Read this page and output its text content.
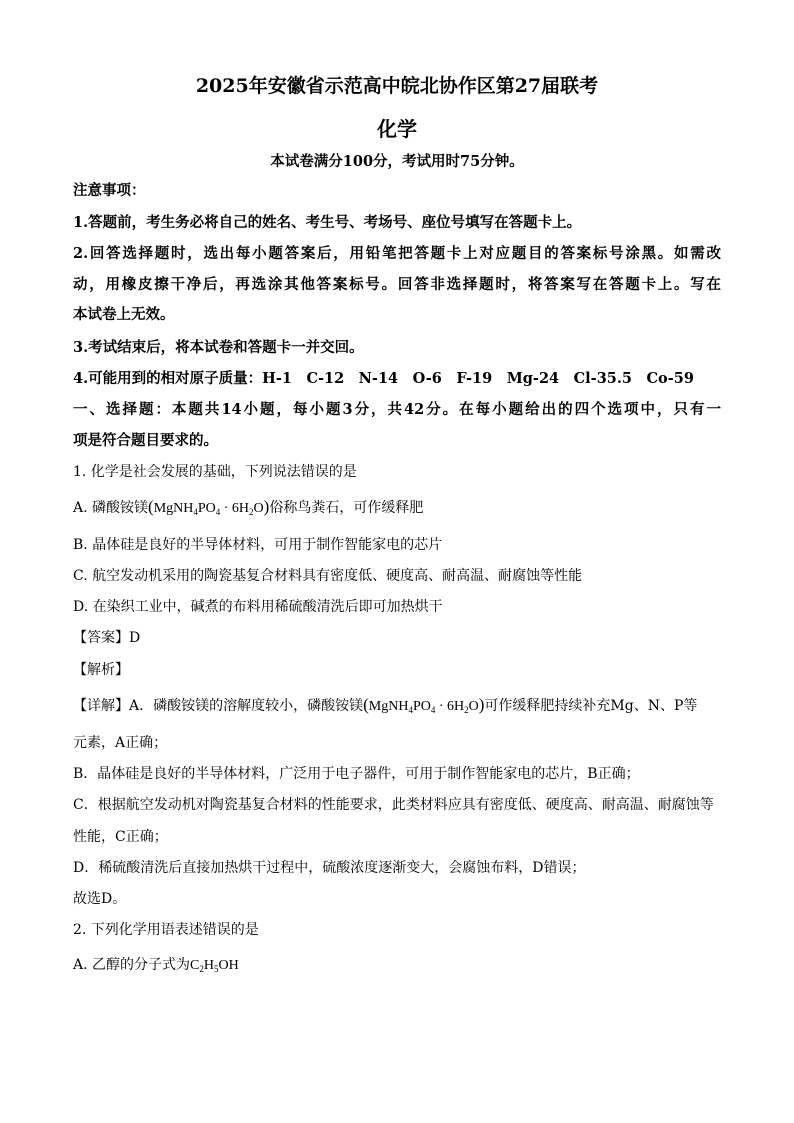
2025年安徽省示范高中皖北协作区第27届联考
化学
本试卷满分100分，考试用时75分钟。
注意事项：
1.答题前，考生务必将自己的姓名、考生号、考场号、座位号填写在答题卡上。
2.回答选择题时，选出每小题答案后，用铅笔把答题卡上对应题目的答案标号涂黑。如需改
动，用橡皮擦干净后，再选涂其他答案标号。回答非选择题时，将答案写在答题卡上。写在
本试卷上无效。
3.考试结束后，将本试卷和答题卡一并交回。
4.可能用到的相对原子质量：H-1　C-12　N-14　O-6　F-19　Mg-24　Cl-35.5　Co-59
一、选择题：本题共14小题，每小题3分，共42分。在每小题给出的四个选项中，只有一
项是符合题目要求的。
1. 化学是社会发展的基础，下列说法错误的是
A. 磷酸铵镁$(MgNH_4PO_4 \cdot 6H_2O)$俗称鸟粪石，可作缓释肥
B. 晶体硅是良好的半导体材料，可用于制作智能家电的芯片
C. 航空发动机采用的陶瓷基复合材料具有密度低、硬度高、耐高温、耐腐蚀等性能
D. 在染织工业中，碱煮的布料用稀硫酸清洗后即可加热烘干
【答案】D
【解析】
【详解】A．磷酸铵镁的溶解度较小，磷酸铵镁$(MgNH_4PO_4 \cdot 6H_2O)$可作缓释肥持续补充Mg、N、P等
元素，A正确；
B．晶体硅是良好的半导体材料，广泛用于电子器件，可用于制作智能家电的芯片，B正确；
C．根据航空发动机对陶瓷基复合材料的性能要求，此类材料应具有密度低、硬度高、耐高温、耐腐蚀等
性能，C正确；
D．稀硫酸清洗后直接加热烘干过程中，硫酸浓度逐渐变大，会腐蚀布料，D错误；
故选D。
2. 下列化学用语表述错误的是
A. 乙醇的分子式为$C_2H_5OH$
